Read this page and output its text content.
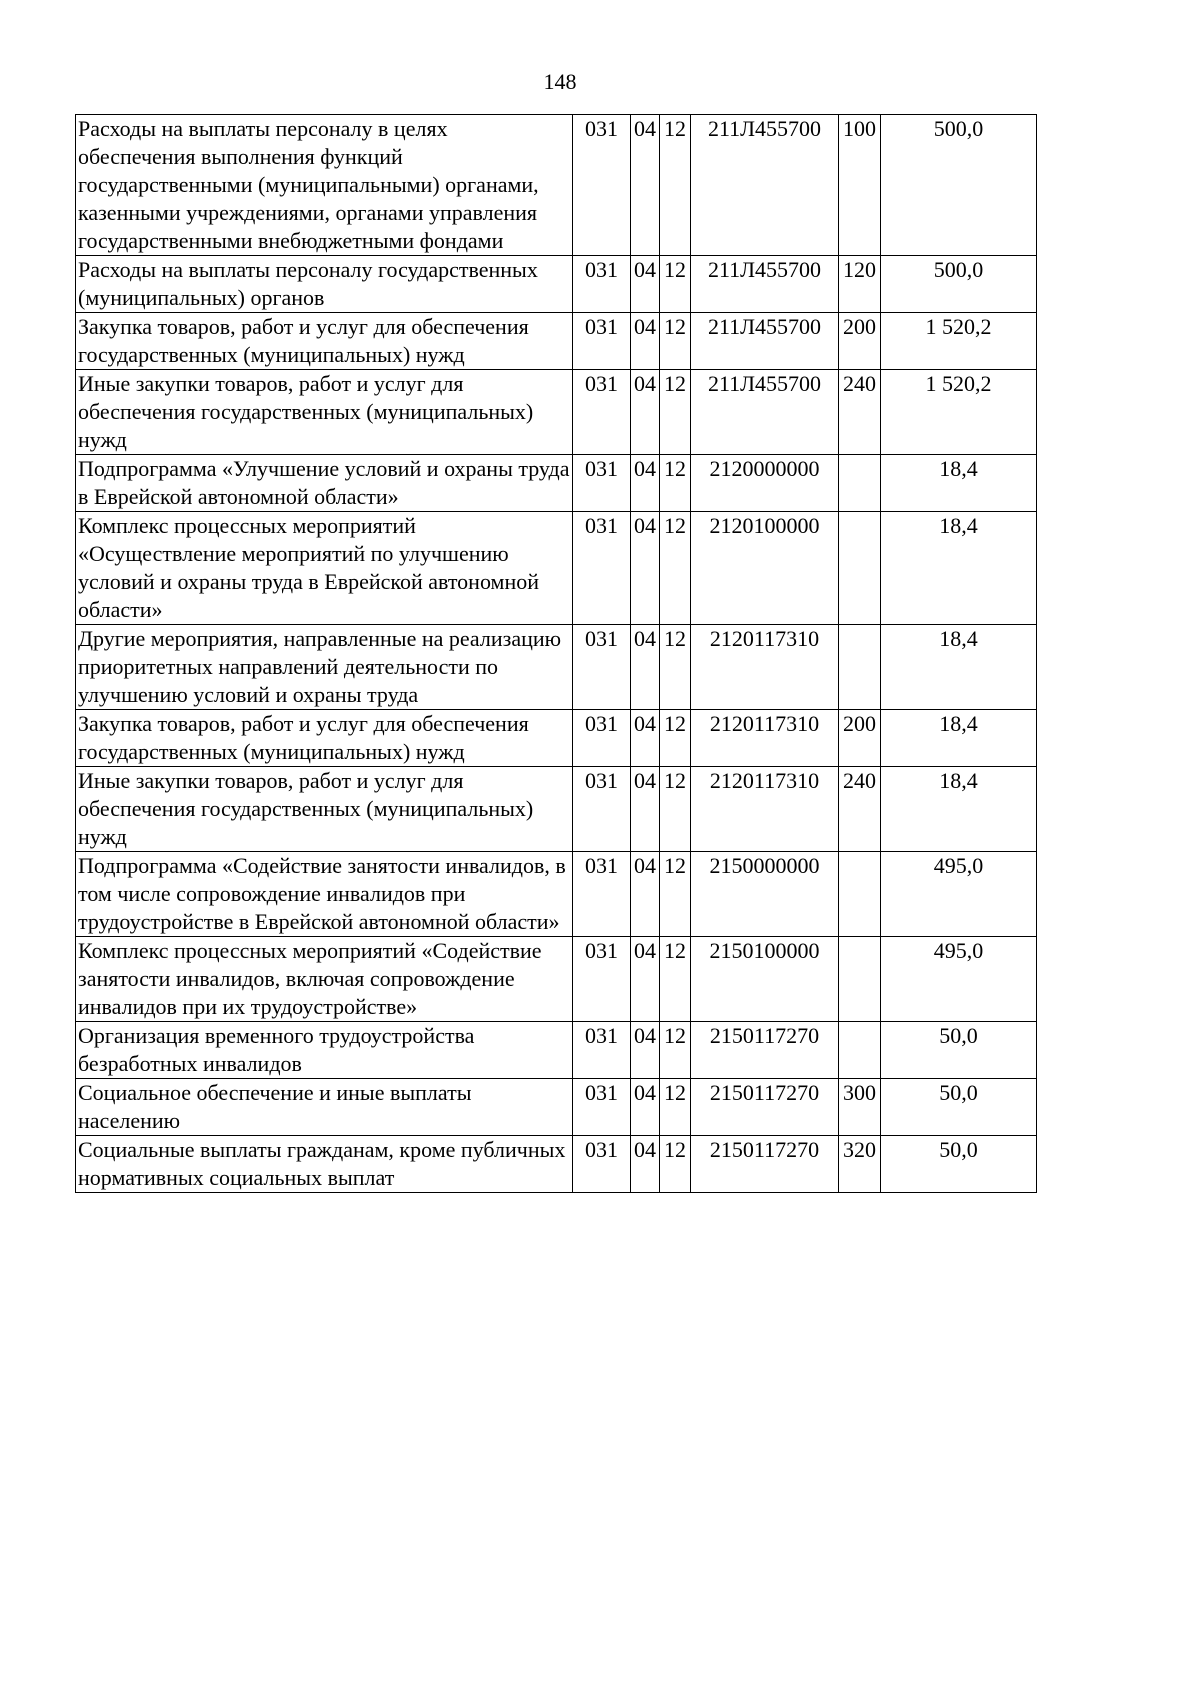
148
Расходы на выплаты персоналу в целях обеспечения выполнения функций государственными (муниципальными) органами, казенными учреждениями, органами управления государственными внебюджетными фондами	031	04	12	211Л455700	100	500,0
Расходы на выплаты персоналу государственных (муниципальных) органов	031	04	12	211Л455700	120	500,0
Закупка товаров, работ и услуг для обеспечения государственных (муниципальных) нужд	031	04	12	211Л455700	200	1 520,2
Иные закупки товаров, работ и услуг для обеспечения государственных (муниципальных) нужд	031	04	12	211Л455700	240	1 520,2
Подпрограмма «Улучшение условий и охраны труда в Еврейской автономной области»	031	04	12	2120000000		18,4
Комплекс процессных мероприятий «Осуществление мероприятий по улучшению условий и охраны труда в Еврейской автономной области»	031	04	12	2120100000		18,4
Другие мероприятия, направленные на реализацию приоритетных направлений деятельности по улучшению условий и охраны труда	031	04	12	2120117310		18,4
Закупка товаров, работ и услуг для обеспечения государственных (муниципальных) нужд	031	04	12	2120117310	200	18,4
Иные закупки товаров, работ и услуг для обеспечения государственных (муниципальных) нужд	031	04	12	2120117310	240	18,4
Подпрограмма «Содействие занятости инвалидов, в том числе сопровождение инвалидов при трудоустройстве в Еврейской автономной области»	031	04	12	2150000000		495,0
Комплекс процессных мероприятий «Содействие занятости инвалидов, включая сопровождение инвалидов при их трудоустройстве»	031	04	12	2150100000		495,0
Организация временного трудоустройства безработных инвалидов	031	04	12	2150117270		50,0
Социальное обеспечение и иные выплаты населению	031	04	12	2150117270	300	50,0
Социальные выплаты гражданам, кроме публичных нормативных социальных выплат	031	04	12	2150117270	320	50,0
